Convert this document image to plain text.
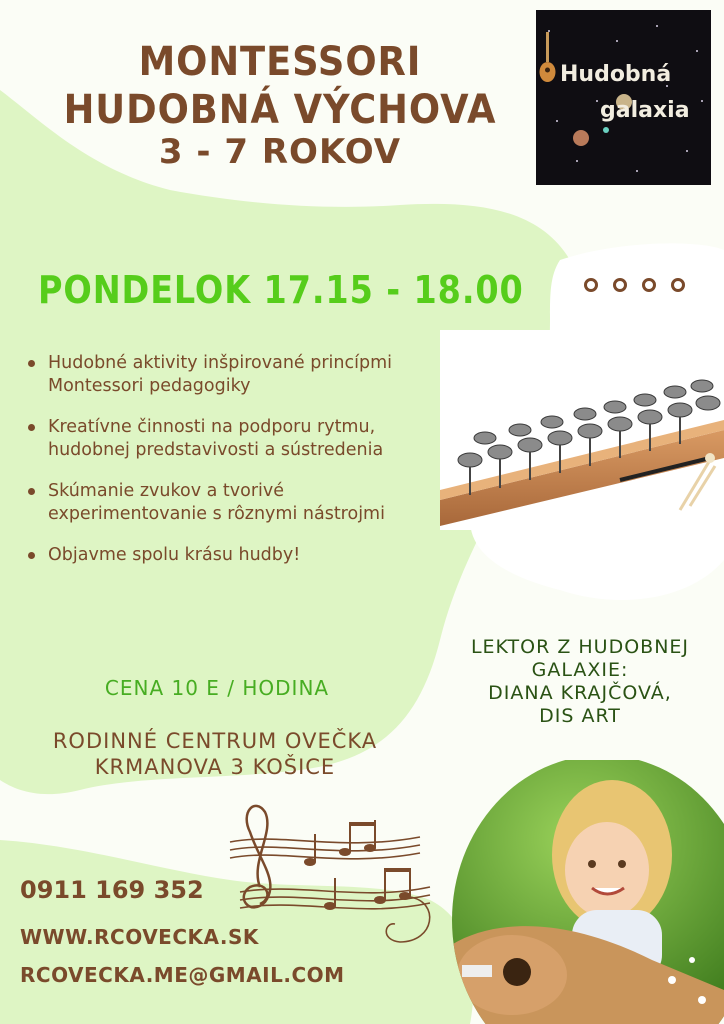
MONTESSORI
HUDOBNÁ VÝCHOVA
3 - 7 ROKOV
Hudobná
galaxia
PONDELOK 17.15 - 18.00
Hudobné aktivity inšpirované princípmi Montessori pedagogiky
Kreatívne činnosti na podporu rytmu, hudobnej predstavivosti a sústredenia
Skúmanie zvukov a tvorivé experimentovanie s rôznymi nástrojmi
Objavme spolu krásu hudby!
CENA 10 E / HODINA
RODINNÉ CENTRUM OVEČKA
KRMANOVA 3 KOŠICE
LEKTOR Z HUDOBNEJ
GALAXIE:
DIANA KRAJČOVÁ,
DIS ART
0911 169 352
WWW.RCOVECKA.SK
RCOVECKA.ME@GMAIL.COM
